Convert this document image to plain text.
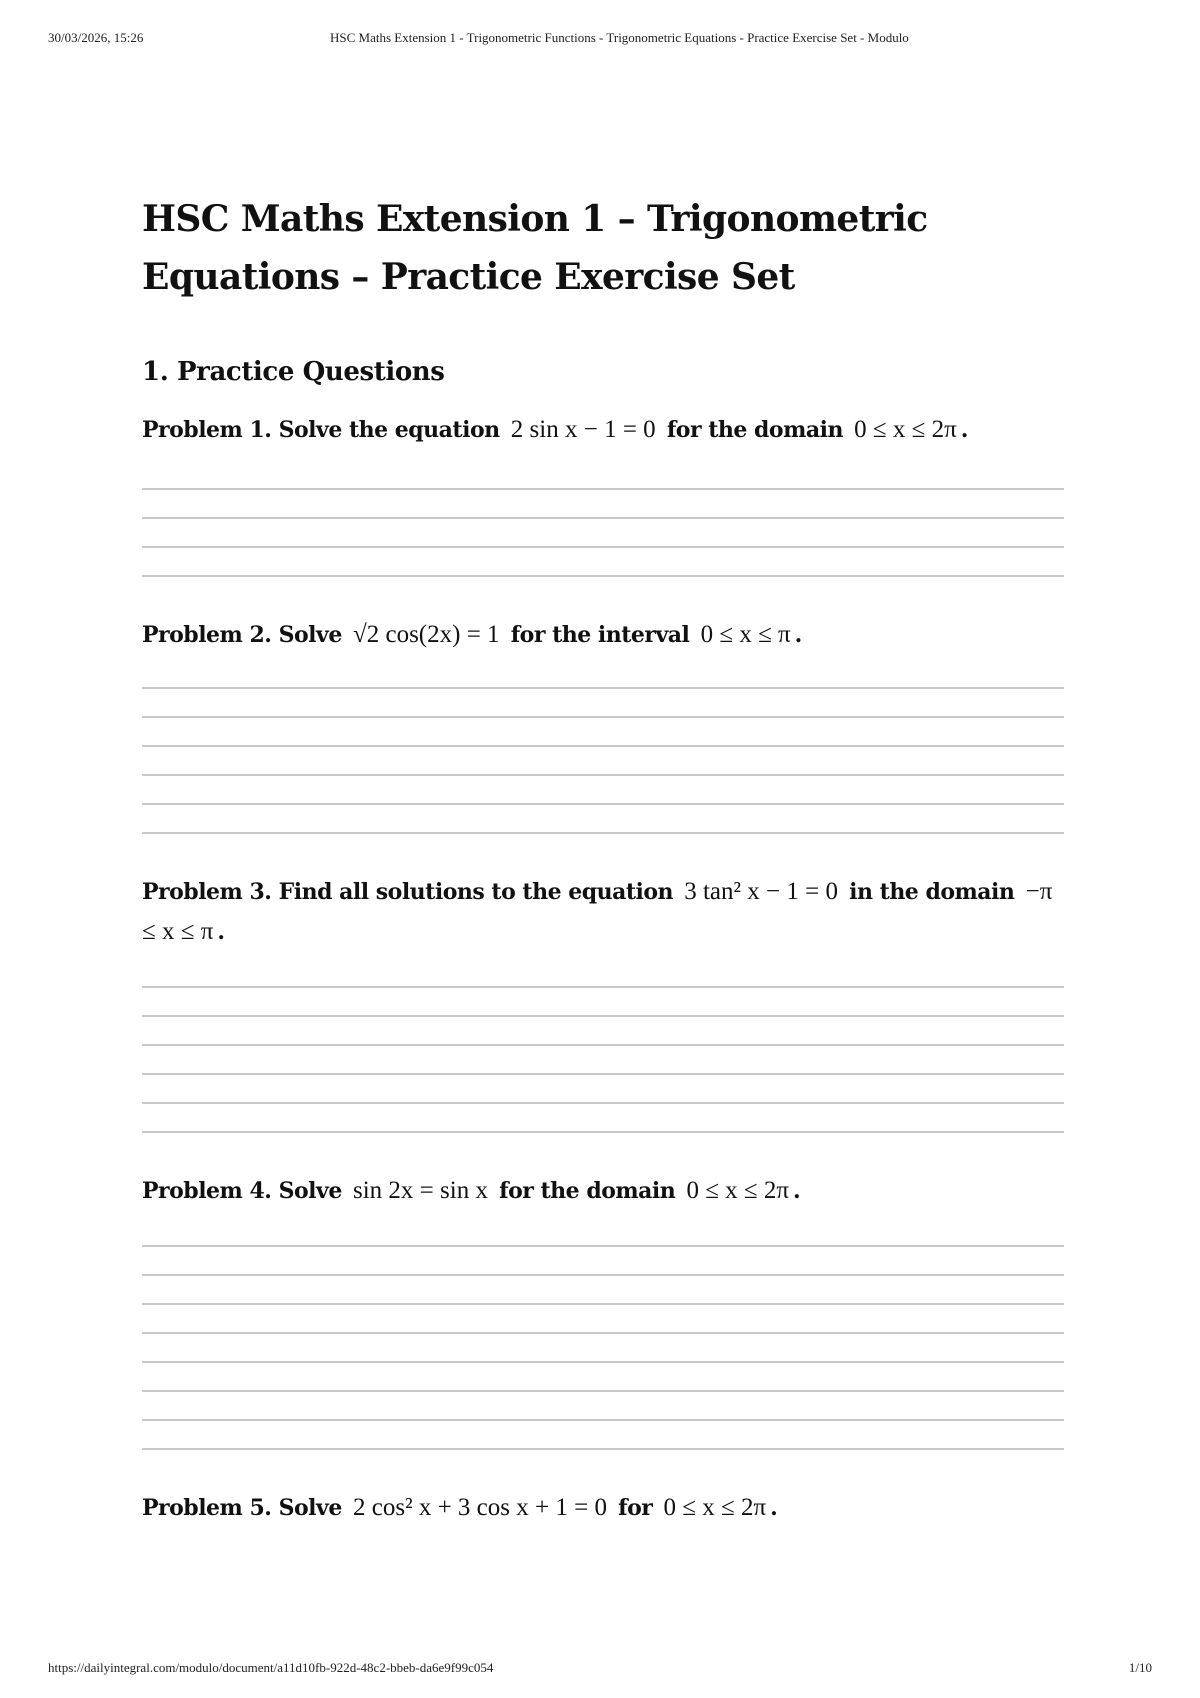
30/03/2026, 15:26	HSC Maths Extension 1 - Trigonometric Functions - Trigonometric Equations - Practice Exercise Set - Modulo
HSC Maths Extension 1 – Trigonometric Equations – Practice Exercise Set
1. Practice Questions

Problem 1. Solve the equation 2 sin x − 1 = 0 for the domain 0 ≤ x ≤ 2π .

Problem 2. Solve √2 cos(2x) = 1 for the interval 0 ≤ x ≤ π .

Problem 3. Find all solutions to the equation 3 tan² x − 1 = 0 in the domain −π ≤ x ≤ π .

Problem 4. Solve sin 2x = sin x for the domain 0 ≤ x ≤ 2π .

Problem 5. Solve 2 cos² x + 3 cos x + 1 = 0 for 0 ≤ x ≤ 2π .

https://dailyintegral.com/modulo/document/a11d10fb-922d-48c2-bbeb-da6e9f99c054	1/10
